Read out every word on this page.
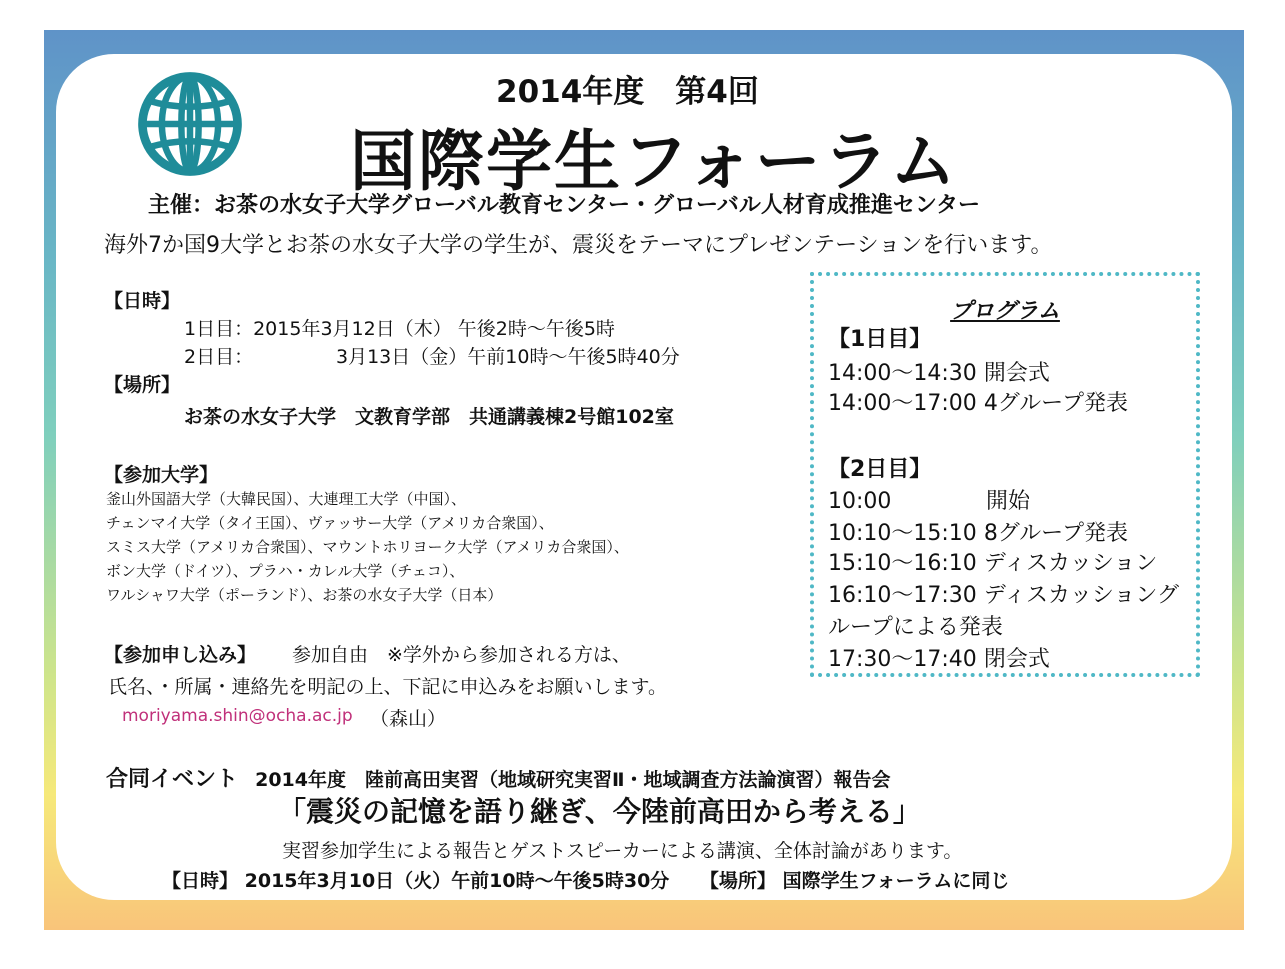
2014年度　第4回
国際学生フォーラム
主催：お茶の水女子大学グローバル教育センター・グローバル人材育成推進センター
海外7か国9大学とお茶の水女子大学の学生が、震災をテーマにプレゼンテーションを行います。
【日時】
1日目：2015年3月12日（木） 午後2時～午後5時
2日目：	3月13日（金）午前10時～午後5時40分
【場所】
お茶の水女子大学　文教育学部　共通講義棟2号館102室
【参加大学】
釜山外国語大学（大韓民国）、大連理工大学（中国）、
チェンマイ大学（タイ王国）、ヴァッサー大学（アメリカ合衆国）、
スミス大学（アメリカ合衆国）、マウントホリヨーク大学（アメリカ合衆国）、
ボン大学（ドイツ）、プラハ・カレル大学（チェコ）、
ワルシャワ大学（ポーランド）、お茶の水女子大学（日本）
【参加申し込み】 参加自由　※学外から参加される方は、
氏名、・所属・連絡先を明記の上、下記に申込みをお願いします。
moriyama.shin@ocha.ac.jp （森山）
プログラム
【1日目】
14:00～14:30 開会式
14:00～17:00 4グループ発表
【2日目】
10:00	開始
10:10～15:10 8グループ発表
15:10～16:10 ディスカッション
16:10～17:30 ディスカッショング
ループによる発表
17:30～17:40 閉会式
合同イベント 2014年度　陸前高田実習（地域研究実習Ⅱ・地域調査方法論演習）報告会
「震災の記憶を語り継ぎ、今陸前高田から考える」
実習参加学生による報告とゲストスピーカーによる講演、全体討論があります。
【日時】 2015年3月10日（火）午前10時～午後5時30分 【場所】 国際学生フォーラムに同じ
